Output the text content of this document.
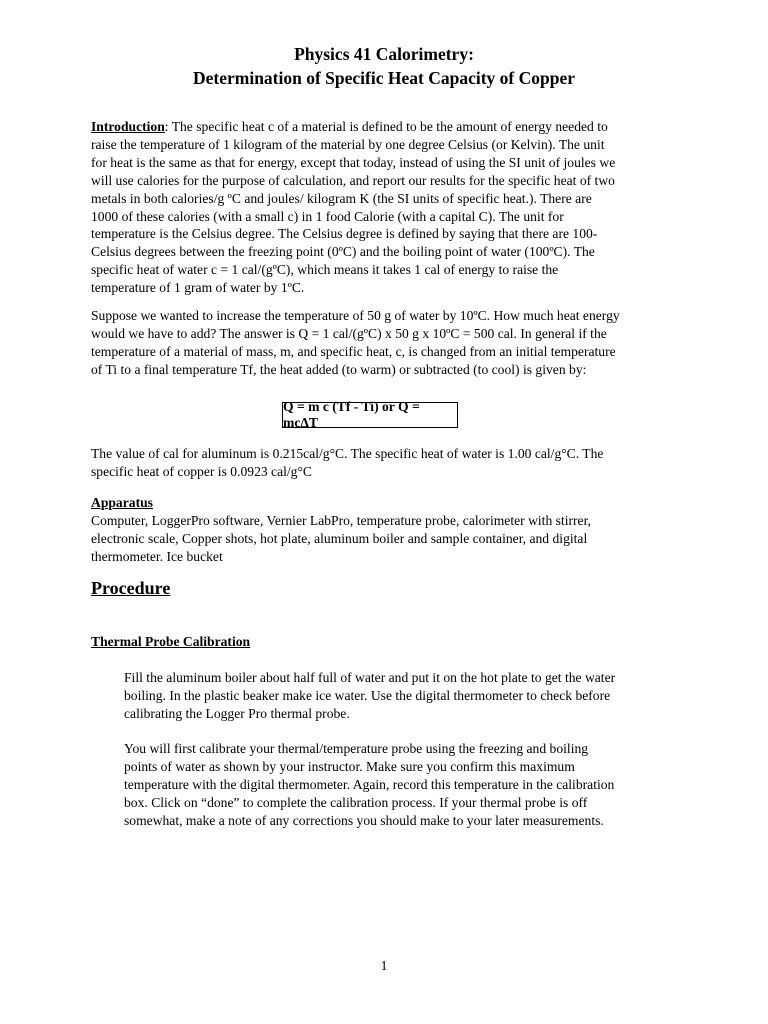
Physics 41 Calorimetry:
Determination of Specific Heat Capacity of Copper
Introduction: The specific heat c of a material is defined to be the amount of energy needed to
raise the temperature of 1 kilogram of the material by one degree Celsius (or Kelvin). The unit
for heat is the same as that for energy, except that today, instead of using the SI unit of joules we
will use calories for the purpose of calculation, and report our results for the specific heat of two
metals in both calories/g ºC and joules/ kilogram K (the SI units of specific heat.). There are
1000 of these calories (with a small c) in 1 food Calorie (with a capital C). The unit for
temperature is the Celsius degree. The Celsius degree is defined by saying that there are 100-
Celsius degrees between the freezing point (0ºC) and the boiling point of water (100ºC). The
specific heat of water c = 1 cal/(gºC), which means it takes 1 cal of energy to raise the
temperature of 1 gram of water by 1ºC.
Suppose we wanted to increase the temperature of 50 g of water by 10ºC. How much heat energy
would we have to add? The answer is Q = 1 cal/(gºC) x 50 g x 10ºC = 500 cal. In general if the
temperature of a material of mass, m, and specific heat, c, is changed from an initial temperature
of Ti to a final temperature Tf, the heat added (to warm) or subtracted (to cool) is given by:
Q = m c (Tf - Ti) or Q = mcΔT
The value of cal for aluminum is 0.215cal/g°C. The specific heat of water is 1.00 cal/g°C. The
specific heat of copper is 0.0923 cal/g°C
Apparatus
Computer, LoggerPro software, Vernier LabPro, temperature probe, calorimeter with stirrer,
electronic scale, Copper shots, hot plate, aluminum boiler and sample container, and digital
thermometer. Ice bucket
Procedure
Thermal Probe Calibration
Fill the aluminum boiler about half full of water and put it on the hot plate to get the water
boiling. In the plastic beaker make ice water. Use the digital thermometer to check before
calibrating the Logger Pro thermal probe.
You will first calibrate your thermal/temperature probe using the freezing and boiling
points of water as shown by your instructor. Make sure you confirm this maximum
temperature with the digital thermometer. Again, record this temperature in the calibration
box. Click on “done” to complete the calibration process. If your thermal probe is off
somewhat, make a note of any corrections you should make to your later measurements.
1
